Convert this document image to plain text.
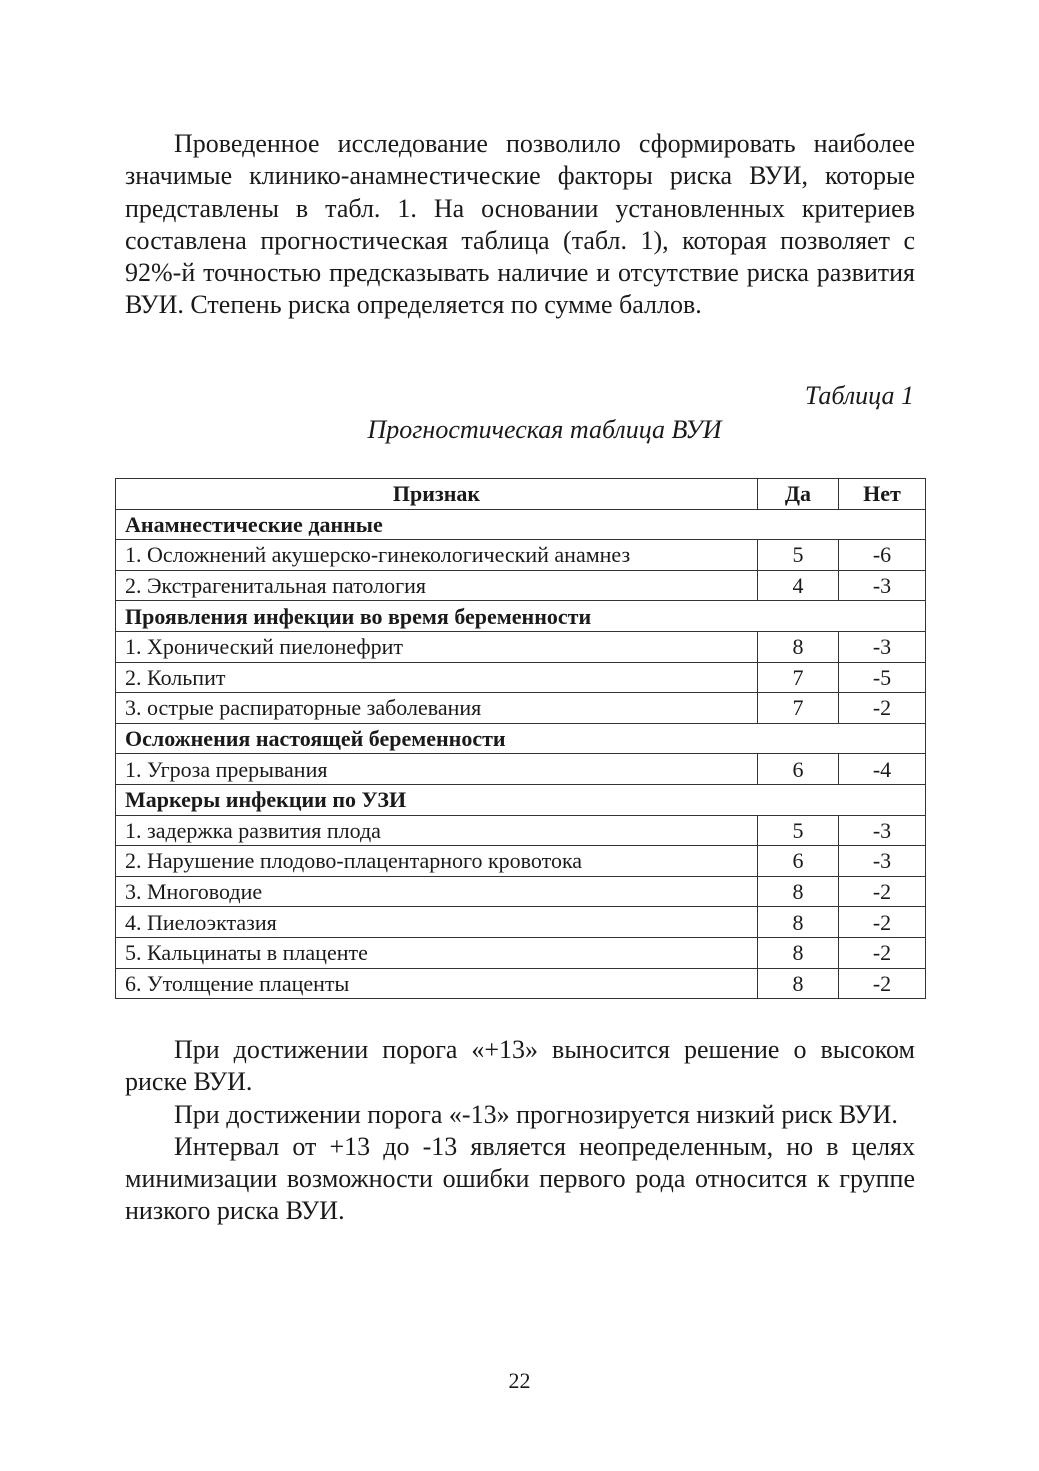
Проведенное исследование позволило сформировать наиболее значимые клинико-анамнестические факторы риска ВУИ, которые представлены в табл. 1. На основании установленных критериев составлена прогностическая таблица (табл. 1), которая позволяет с 92%-й точностью предсказывать наличие и отсутствие риска развития ВУИ. Степень риска определяется по сумме баллов.

Таблица 1

Прогностическая таблица ВУИ

Признак	Да	Нет
Анамнестические данные		
1. Осложнений акушерско-гинекологический анамнез	5	-6
2. Экстрагенитальная патология	4	-3
Проявления инфекции во время беременности		
1. Хронический пиелонефрит	8	-3
2. Кольпит	7	-5
3. острые распираторные заболевания	7	-2
Осложнения настоящей беременности		
1. Угроза прерывания	6	-4
Маркеры инфекции по УЗИ		
1. задержка развития плода	5	-3
2. Нарушение плодово-плацентарного кровотока	6	-3
3. Многоводие	8	-2
4. Пиелоэктазия	8	-2
5. Кальцинаты в плаценте	8	-2
6. Утолщение плаценты	8	-2

При достижении порога «+13» выносится решение о высоком риске ВУИ.

При достижении порога «-13» прогнозируется низкий риск ВУИ.

Интервал от +13 до -13 является неопределенным, но в целях минимизации возможности ошибки первого рода относится к группе низкого риска ВУИ.

22
